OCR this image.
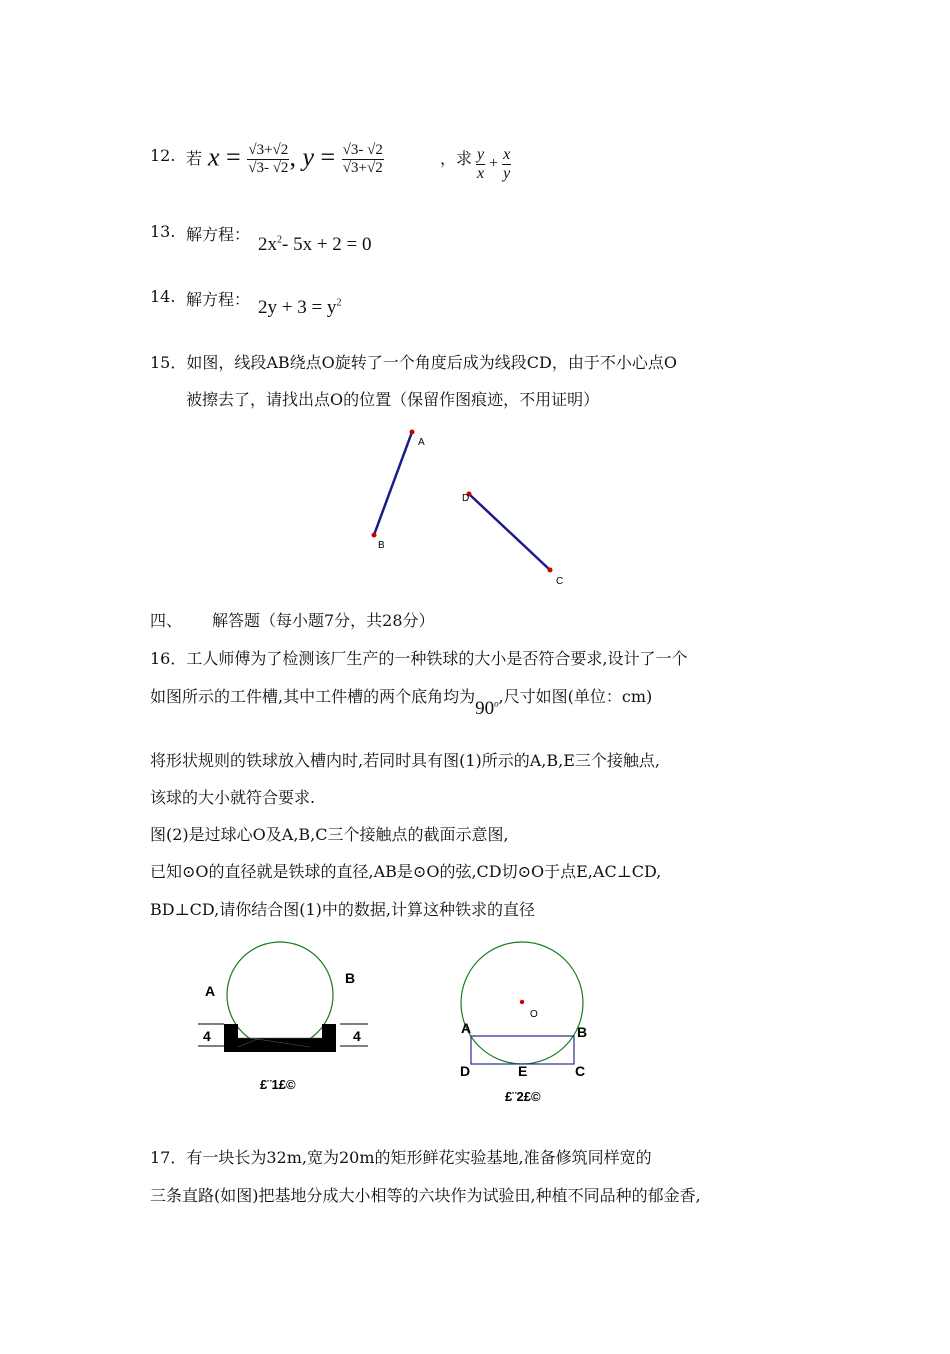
12. 若 $x = \frac{√3+√2}{√3- √2}$ , $y = \frac{√3- √2}{√3+√2}$	，求 $\frac{y}{x} + \frac{x}{y}$
13. 解方程： $2x^2-$ 5x + 2 = 0
14. 解方程： $2y + 3 = y^2$
15．如图，线段AB绕点O旋转了一个角度后成为线段CD，由于不小心点O
被擦去了，请找出点O的位置（保留作图痕迹，不用证明）
A
B
D
C
四、 解答题（每小题7分，共28分）
16．工人师傅为了检测该厂生产的一种铁球的大小是否符合要求,设计了一个
如图所示的工件槽,其中工件槽的两个底角均为90$^o$,尺寸如图(单位：cm)
将形状规则的铁球放入槽内时,若同时具有图(1)所示的A,B,E三个接触点,
该球的大小就符合要求.
图(2)是过球心O及A,B,C三个接触点的截面示意图,
已知⊙O的直径就是铁球的直径,AB是⊙O的弦,CD切⊙O于点E,AC⊥CD,
BD⊥CD,请你结合图(1)中的数据,计算这种铁求的直径
A
B
4	4
£¨1£©
O
A	B
D	E	C
£¨2£©
17．有一块长为32m,宽为20m的矩形鲜花实验基地,准备修筑同样宽的
三条直路(如图)把基地分成大小相等的六块作为试验田,种植不同品种的郁金香,
